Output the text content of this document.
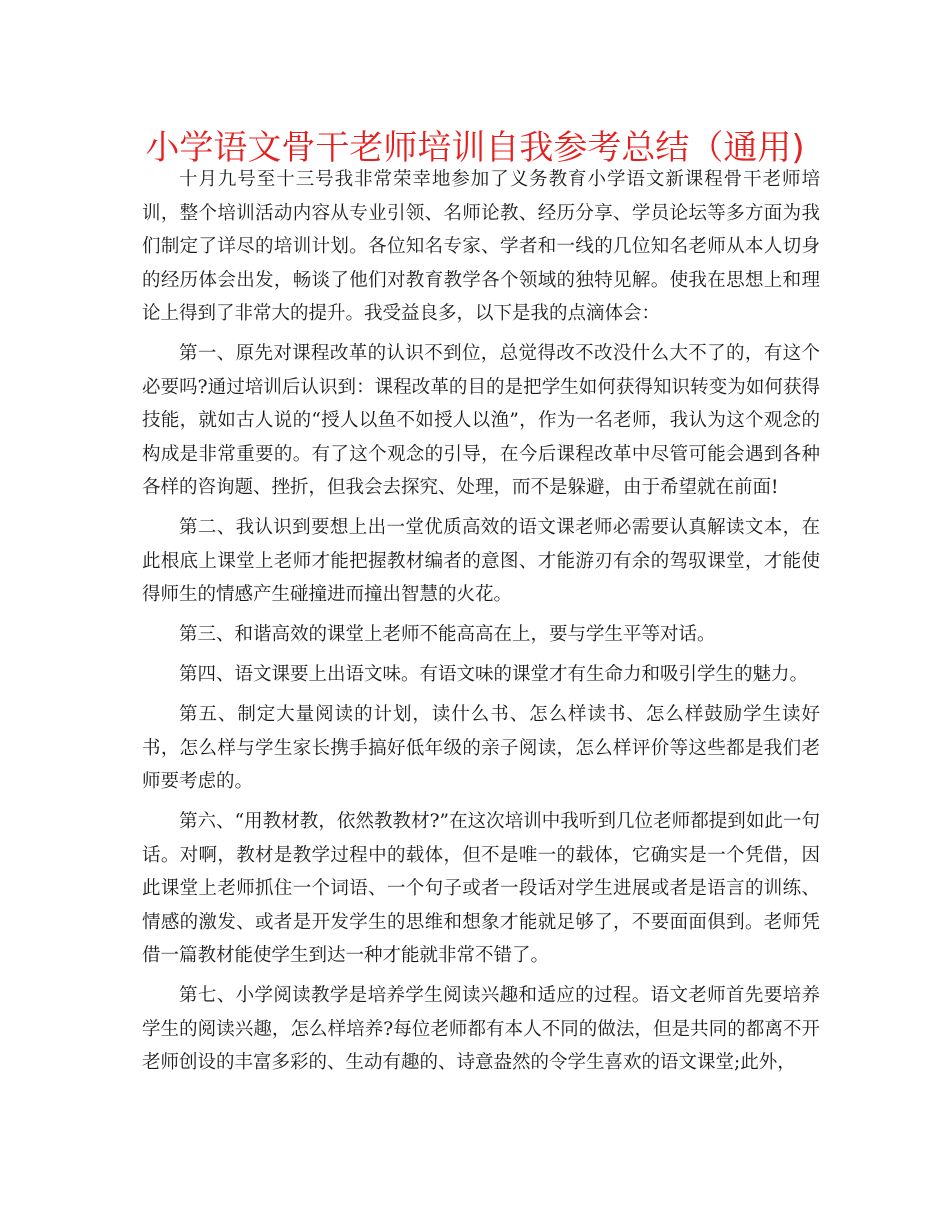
小学语文骨干老师培训自我参考总结（通用)

十月九号至十三号我非常荣幸地参加了义务教育小学语文新课程骨干老师培训，整个培训活动内容从专业引领、名师论教、经历分享、学员论坛等多方面为我们制定了详尽的培训计划。各位知名专家、学者和一线的几位知名老师从本人切身的经历体会出发，畅谈了他们对教育教学各个领域的独特见解。使我在思想上和理论上得到了非常大的提升。我受益良多，以下是我的点滴体会：

第一、原先对课程改革的认识不到位，总觉得改不改没什么大不了的，有这个必要吗?通过培训后认识到：课程改革的目的是把学生如何获得知识转变为如何获得技能，就如古人说的“授人以鱼不如授人以渔”，作为一名老师，我认为这个观念的构成是非常重要的。有了这个观念的引导，在今后课程改革中尽管可能会遇到各种各样的咨询题、挫折，但我会去探究、处理，而不是躲避，由于希望就在前面!

第二、我认识到要想上出一堂优质高效的语文课老师必需要认真解读文本，在此根底上课堂上老师才能把握教材编者的意图、才能游刃有余的驾驭课堂，才能使得师生的情感产生碰撞进而撞出智慧的火花。

第三、和谐高效的课堂上老师不能高高在上，要与学生平等对话。

第四、语文课要上出语文味。有语文味的课堂才有生命力和吸引学生的魅力。

第五、制定大量阅读的计划，读什么书、怎么样读书、怎么样鼓励学生读好书，怎么样与学生家长携手搞好低年级的亲子阅读，怎么样评价等这些都是我们老师要考虑的。

第六、“用教材教，依然教教材?”在这次培训中我听到几位老师都提到如此一句话。对啊，教材是教学过程中的载体，但不是唯一的载体，它确实是一个凭借，因此课堂上老师抓住一个词语、一个句子或者一段话对学生进展或者是语言的训练、情感的激发、或者是开发学生的思维和想象才能就足够了，不要面面俱到。老师凭借一篇教材能使学生到达一种才能就非常不错了。

第七、小学阅读教学是培养学生阅读兴趣和适应的过程。语文老师首先要培养学生的阅读兴趣，怎么样培养?每位老师都有本人不同的做法，但是共同的都离不开老师创设的丰富多彩的、生动有趣的、诗意盎然的令学生喜欢的语文课堂;此外，
